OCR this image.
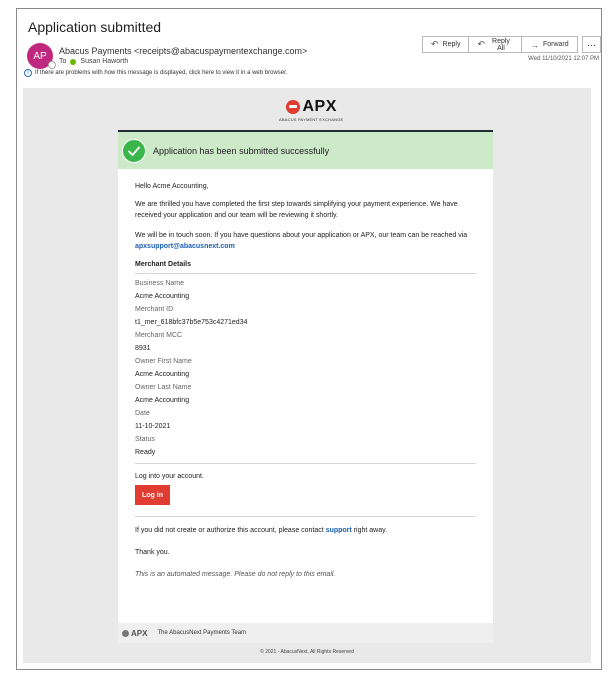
Application submitted
AP Abacus Payments <receipts@abacuspaymentexchange.com>
To Susan Haworth
↶ Reply ↶	Reply All	→ Forward ···
Wed 11/10/2021 12:07 PM
i	If there are problems with how this message is displayed, click here to view it in a web browser.
APX
ABACUS PAYMENT EXCHANGE
Application has been submitted successfully
Hello Acme Accounting,
We are thrilled you have completed the first step towards simplifying your payment experience. We have received your application and our team will be reviewing it shortly.
We will be in touch soon. If you have questions about your application or APX, our team can be reached via apxsupport@abacusnext.com
Merchant Details
Business Name
Acme Accounting
Merchant ID
t1_mer_618bfc37b5e753c4271ed34
Merchant MCC
8931
Owner First Name
Acme Accounting
Owner Last Name
Acme Accounting
Date
11-10-2021
Status
Ready
Log into your account.
Log in
If you did not create or authorize this account, please contact support right away.
Thank you.
This is an automated message. Please do not reply to this email.
APX The AbacusNext Payments Team
© 2021 - AbacusNext, All Rights Reserved
